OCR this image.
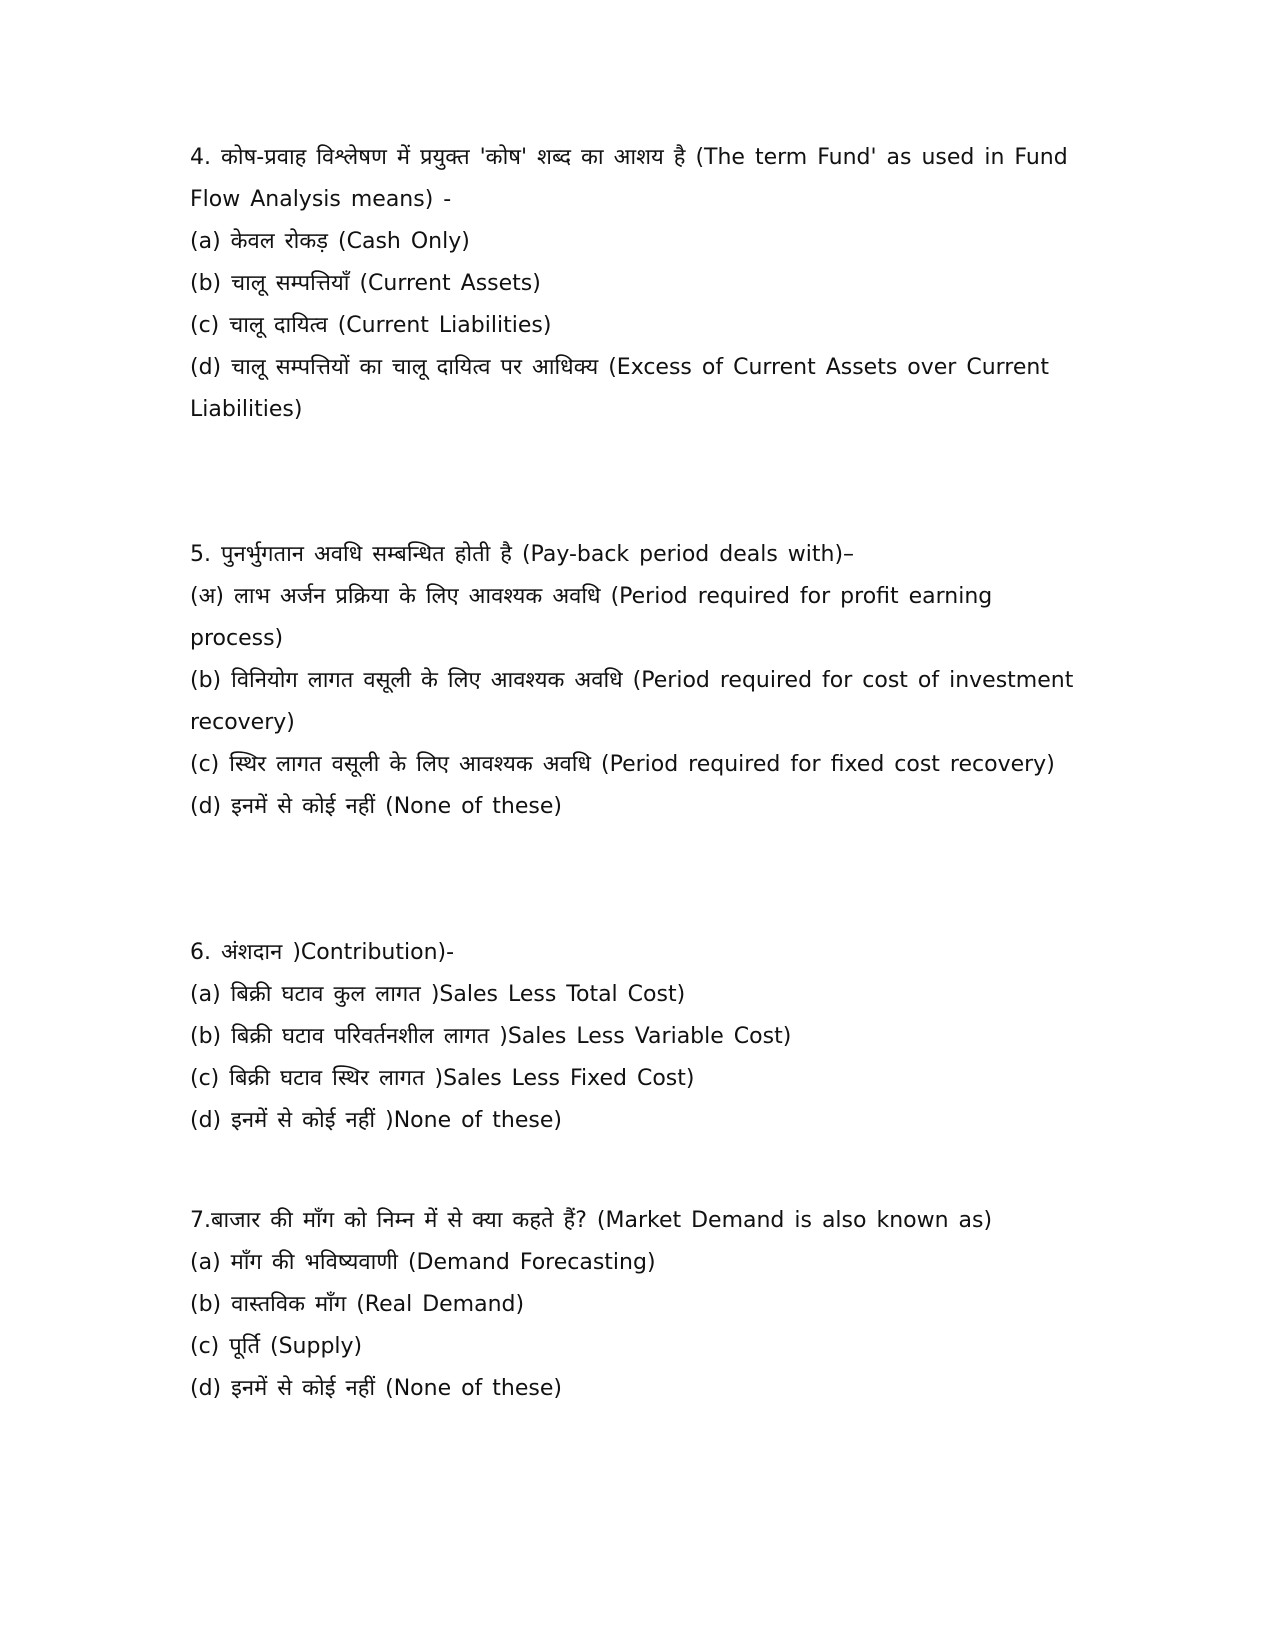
4. कोष-प्रवाह विश्लेषण में प्रयुक्त 'कोष' शब्द का आशय है (The term Fund' as used in Fund Flow Analysis means) -
(a) केवल रोकड़ (Cash Only)
(b) चालू सम्पत्तियाँ (Current Assets)
(c) चालू दायित्व (Current Liabilities)
(d) चालू सम्पत्तियों का चालू दायित्व पर आधिक्य (Excess of Current Assets over Current Liabilities)
5. पुनर्भुगतान अवधि सम्बन्धित होती है (Pay-back period deals with)–
(अ) लाभ अर्जन प्रक्रिया के लिए आवश्यक अवधि (Period required for profit earning process)
(b) विनियोग लागत वसूली के लिए आवश्यक अवधि (Period required for cost of investment recovery)
(c) स्थिर लागत वसूली के लिए आवश्यक अवधि (Period required for fixed cost recovery)
(d) इनमें से कोई नहीं (None of these)
6. अंशदान )Contribution)-
(a) बिक्री घटाव कुल लागत )Sales Less Total Cost)
(b) बिक्री घटाव परिवर्तनशील लागत )Sales Less Variable Cost)
(c) बिक्री घटाव स्थिर लागत )Sales Less Fixed Cost)
(d) इनमें से कोई नहीं )None of these)
7.बाजार की माँग को निम्न में से क्या कहते हैं? (Market Demand is also known as)
(a) माँग की भविष्यवाणी (Demand Forecasting)
(b) वास्तविक माँग (Real Demand)
(c) पूर्ति (Supply)
(d) इनमें से कोई नहीं (None of these)
